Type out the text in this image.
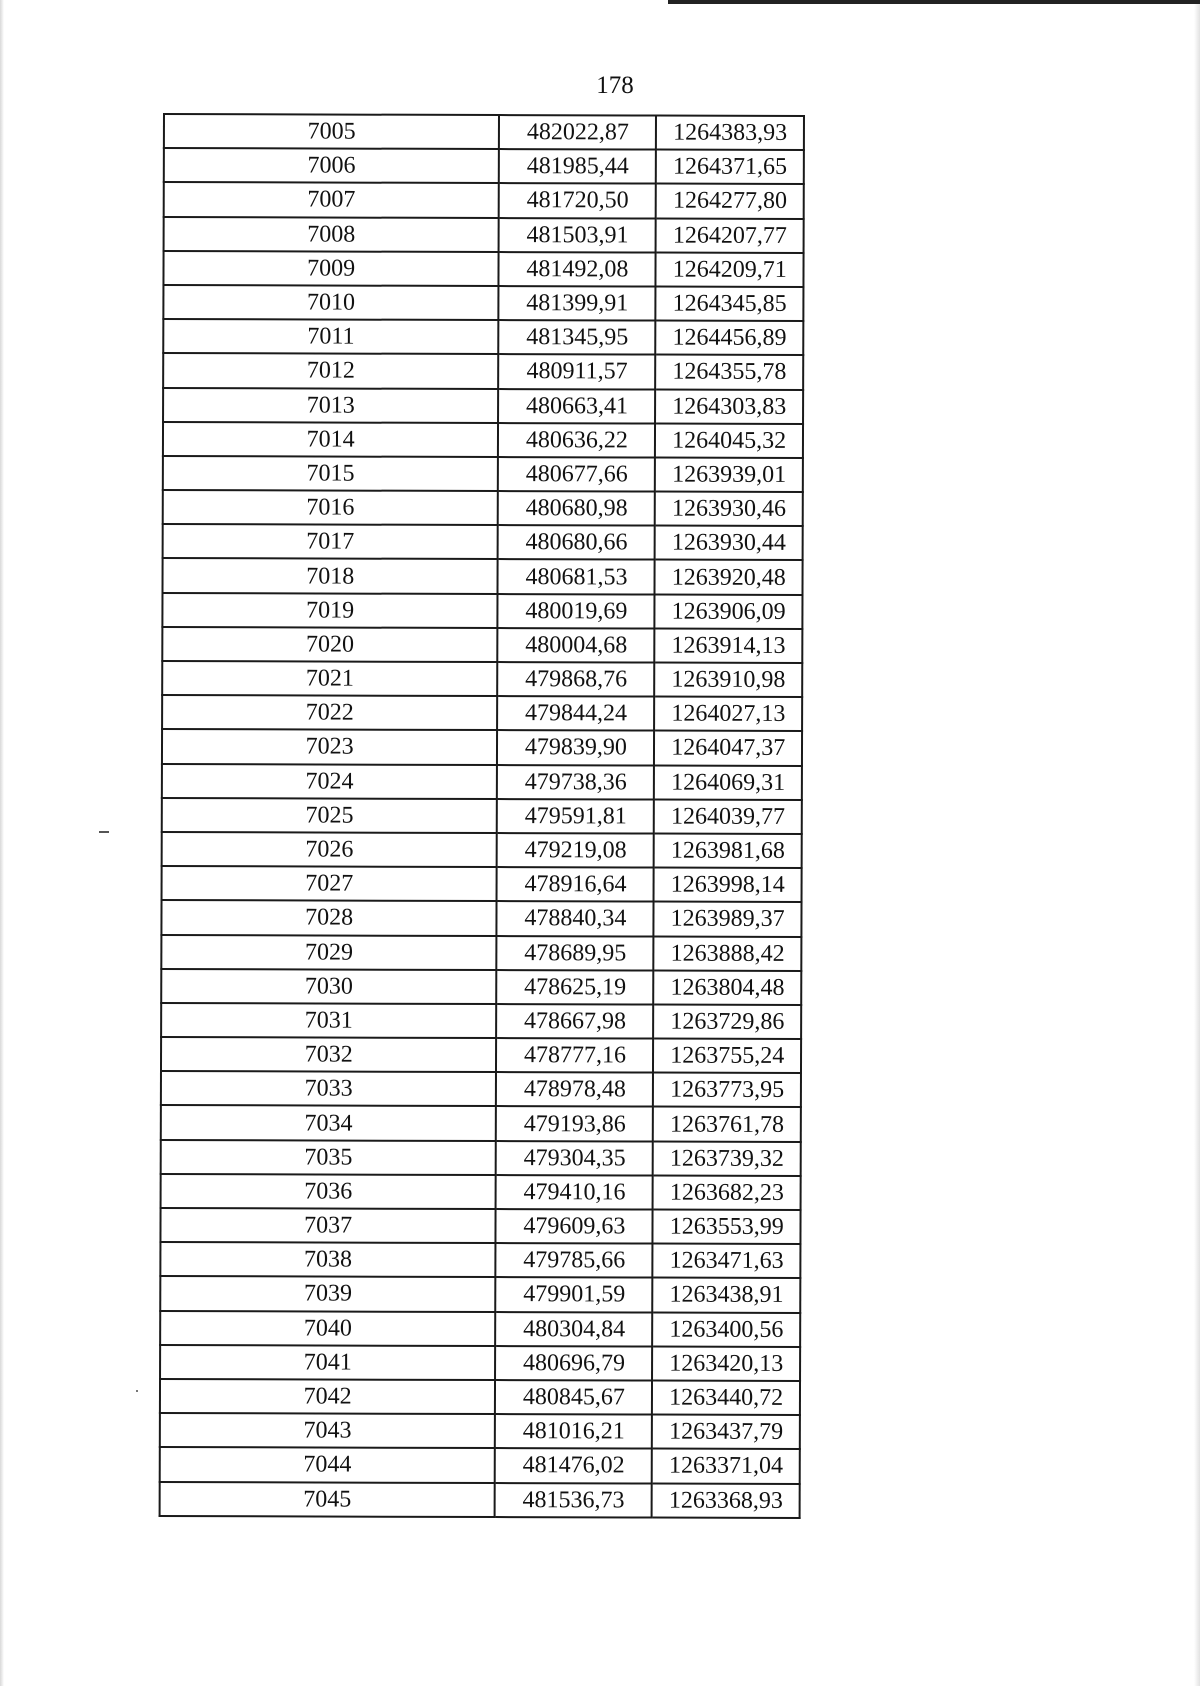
178
7005	482022,87	1264383,93
7006	481985,44	1264371,65
7007	481720,50	1264277,80
7008	481503,91	1264207,77
7009	481492,08	1264209,71
7010	481399,91	1264345,85
7011	481345,95	1264456,89
7012	480911,57	1264355,78
7013	480663,41	1264303,83
7014	480636,22	1264045,32
7015	480677,66	1263939,01
7016	480680,98	1263930,46
7017	480680,66	1263930,44
7018	480681,53	1263920,48
7019	480019,69	1263906,09
7020	480004,68	1263914,13
7021	479868,76	1263910,98
7022	479844,24	1264027,13
7023	479839,90	1264047,37
7024	479738,36	1264069,31
7025	479591,81	1264039,77
7026	479219,08	1263981,68
7027	478916,64	1263998,14
7028	478840,34	1263989,37
7029	478689,95	1263888,42
7030	478625,19	1263804,48
7031	478667,98	1263729,86
7032	478777,16	1263755,24
7033	478978,48	1263773,95
7034	479193,86	1263761,78
7035	479304,35	1263739,32
7036	479410,16	1263682,23
7037	479609,63	1263553,99
7038	479785,66	1263471,63
7039	479901,59	1263438,91
7040	480304,84	1263400,56
7041	480696,79	1263420,13
7042	480845,67	1263440,72
7043	481016,21	1263437,79
7044	481476,02	1263371,04
7045	481536,73	1263368,93
